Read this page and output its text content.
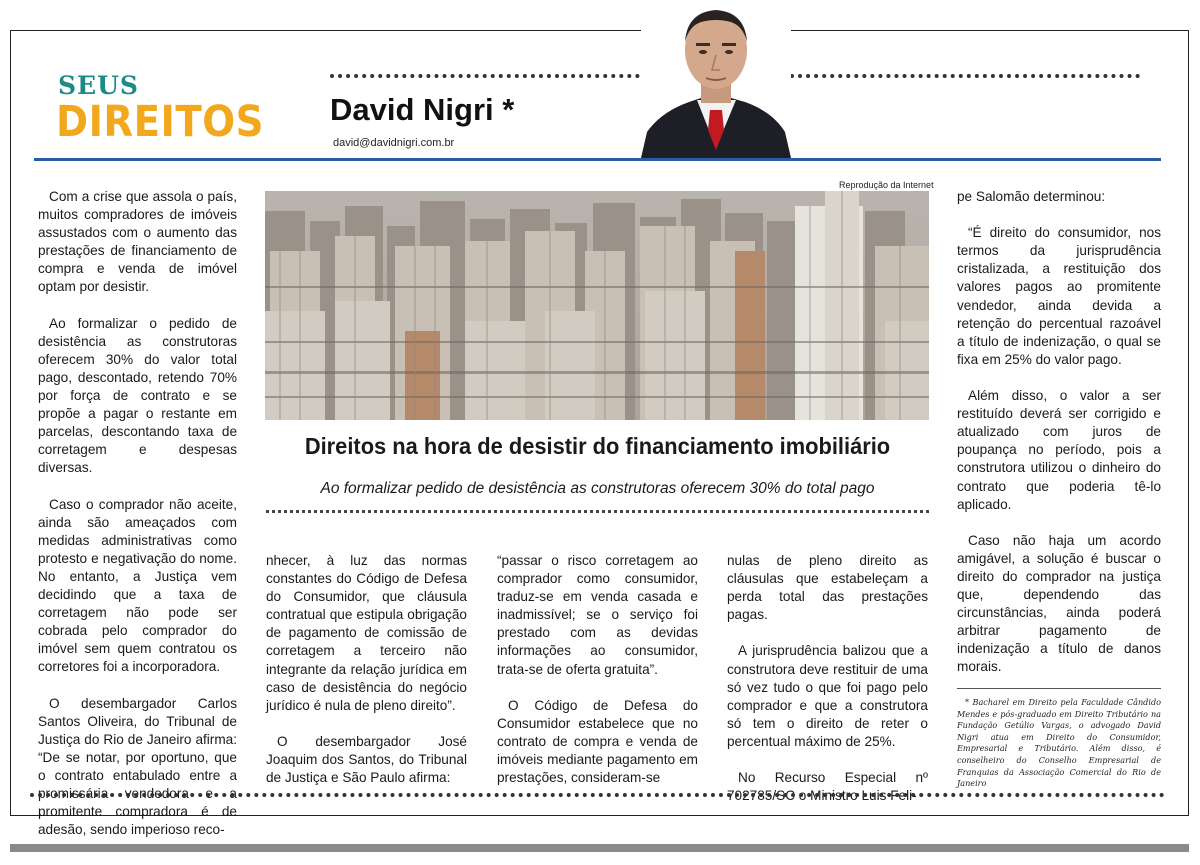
SEUS
DIREITOS David Nigri *
david@davidnigri.com.br
Reprodução da Internet
Direitos na hora de desistir do financiamento imobiliário
Ao formalizar pedido de desistência as construtoras oferecem 30% do total pago

Com a crise que assola o país, muitos compradores de imóveis assustados com o aumento das prestações de financiamento de compra e venda de imóvel optam por desistir.

Ao formalizar o pedido de desistência as construtoras oferecem 30% do valor total pago, descontado, retendo 70% por força de contrato e se propõe a pagar o restante em parcelas, descontando taxa de corretagem e despesas diversas.

Caso o comprador não aceite, ainda são ameaçados com medidas administrativas como protesto e negativação do nome. No entanto, a Justiça vem decidindo que a taxa de corretagem não pode ser cobrada pelo comprador do imóvel sem quem contratou os corretores foi a incorporadora.

O desembargador Carlos Santos Oliveira, do Tribunal de Justiça do Rio de Janeiro afirma: “De se notar, por oportuno, que o contrato entabulado entre a promissária vendedora e a promitente compradora é de adesão, sendo imperioso reco-

nhecer, à luz das normas constantes do Código de Defesa do Consumidor, que cláusula contratual que estipula obrigação de pagamento de comissão de corretagem a terceiro não integrante da relação jurídica em caso de desistência do negócio jurídico é nula de pleno direito”.

O desembargador José Joaquim dos Santos, do Tribunal de Justiça e São Paulo afirma:

“passar o risco corretagem ao comprador como consumidor, traduz-se em venda casada e inadmissível; se o serviço foi prestado com as devidas informações ao consumidor, trata-se de oferta gratuita”.

O Código de Defesa do Consumidor estabelece que no contrato de compra e venda de imóveis mediante pagamento em prestações, consideram-se

nulas de pleno direito as cláusulas que estabeleçam a perda total das prestações pagas.

A jurisprudência balizou que a construtora deve restituir de uma só vez tudo o que foi pago pelo comprador e que a construtora só tem o direito de reter o percentual máximo de 25%.

No Recurso Especial nº 702785/SC o Ministro Luis Feli-

pe Salomão determinou:

“É direito do consumidor, nos termos da jurisprudência cristalizada, a restituição dos valores pagos ao promitente vendedor, ainda devida a retenção do percentual razoável a título de indenização, o qual se fixa em 25% do valor pago.

Além disso, o valor a ser restituído deverá ser corrigido e atualizado com juros de poupança no período, pois a construtora utilizou o dinheiro do contrato que poderia tê-lo aplicado.

Caso não haja um acordo amigável, a solução é buscar o direito do comprador na justiça que, dependendo das circunstâncias, ainda poderá arbitrar pagamento de indenização a título de danos morais.

* Bacharel em Direito pela Faculdade Cândido Mendes e pós-graduado em Direito Tributário na Fundação Getúlio Vargas, o advogado David Nigri atua em Direito do Consumidor, Empresarial e Tributário. Além disso, é conselheiro do Conselho Empresarial de Franquias da Associação Comercial do Rio de Janeiro
